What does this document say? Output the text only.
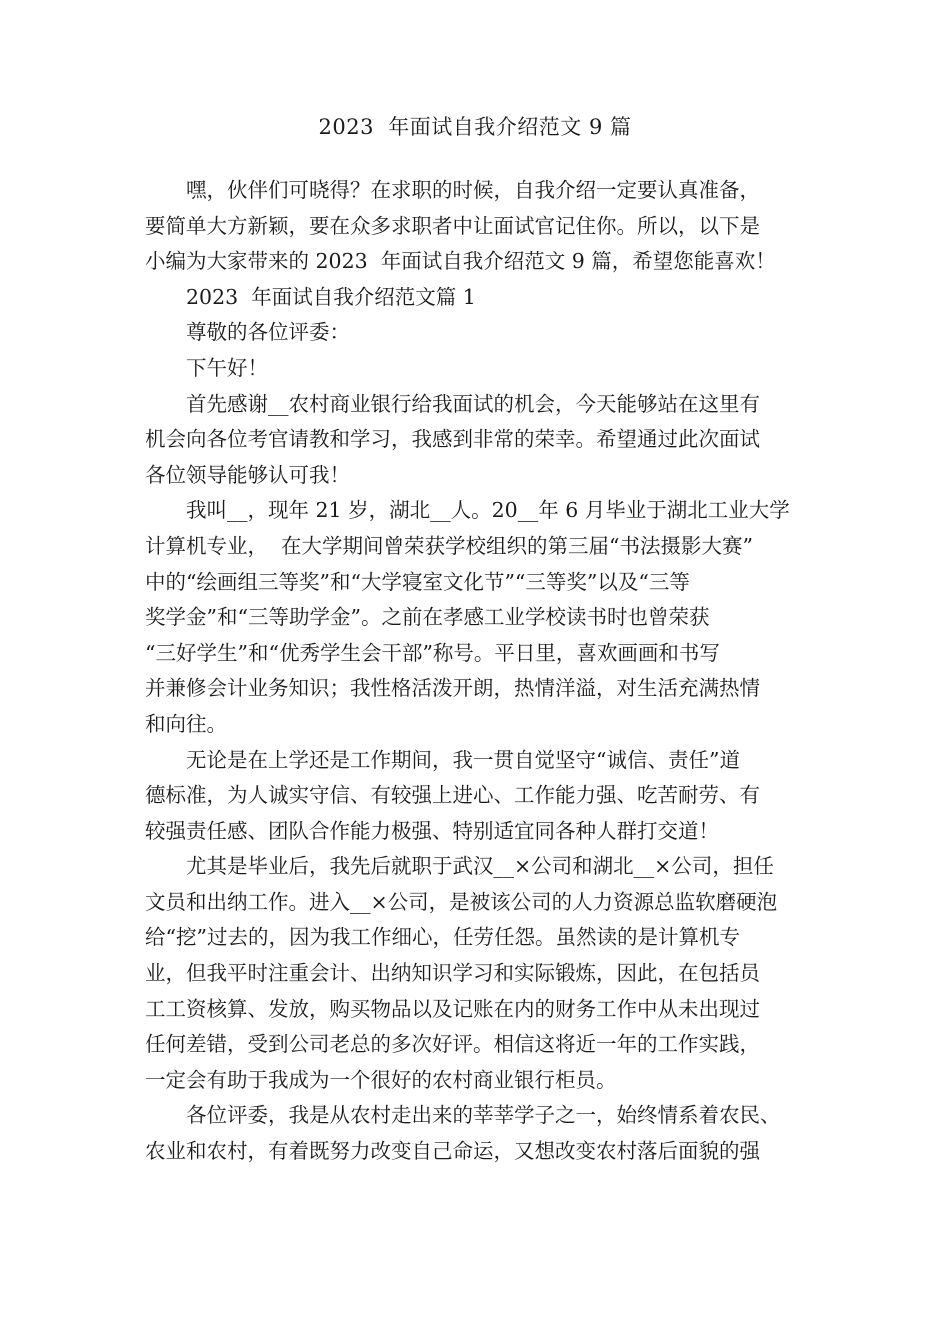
2023  年面试自我介绍范文 9 篇
嘿，伙伴们可晓得？在求职的时候，自我介绍一定要认真准备，
要简单大方新颖，要在众多求职者中让面试官记住你。所以，以下是
小编为大家带来的 2023  年面试自我介绍范文 9 篇，希望您能喜欢！
2023  年面试自我介绍范文篇 1
尊敬的各位评委：
下午好！
首先感谢__农村商业银行给我面试的机会，今天能够站在这里有
机会向各位考官请教和学习，我感到非常的荣幸。希望通过此次面试
各位领导能够认可我！
我叫__，现年 21 岁，湖北__人。20__年 6 月毕业于湖北工业大学
计算机专业，  在大学期间曾荣获学校组织的第三届“书法摄影大赛”
中的“绘画组三等奖”和“大学寝室文化节”“三等奖”以及“三等
奖学金”和“三等助学金”。之前在孝感工业学校读书时也曾荣获
“三好学生”和“优秀学生会干部”称号。平日里，喜欢画画和书写
并兼修会计业务知识；我性格活泼开朗，热情洋溢，对生活充满热情
和向往。
无论是在上学还是工作期间，我一贯自觉坚守“诚信、责任”道
德标准，为人诚实守信、有较强上进心、工作能力强、吃苦耐劳、有
较强责任感、团队合作能力极强、特别适宜同各种人群打交道！
尤其是毕业后，我先后就职于武汉__×公司和湖北__×公司，担任
文员和出纳工作。进入__×公司，是被该公司的人力资源总监软磨硬泡
给“挖”过去的，因为我工作细心，任劳任怨。虽然读的是计算机专
业，但我平时注重会计、出纳知识学习和实际锻炼，因此，在包括员
工工资核算、发放，购买物品以及记账在内的财务工作中从未出现过
任何差错，受到公司老总的多次好评。相信这将近一年的工作实践，
一定会有助于我成为一个很好的农村商业银行柜员。
各位评委，我是从农村走出来的莘莘学子之一，始终情系着农民、
农业和农村，有着既努力改变自己命运，又想改变农村落后面貌的强
